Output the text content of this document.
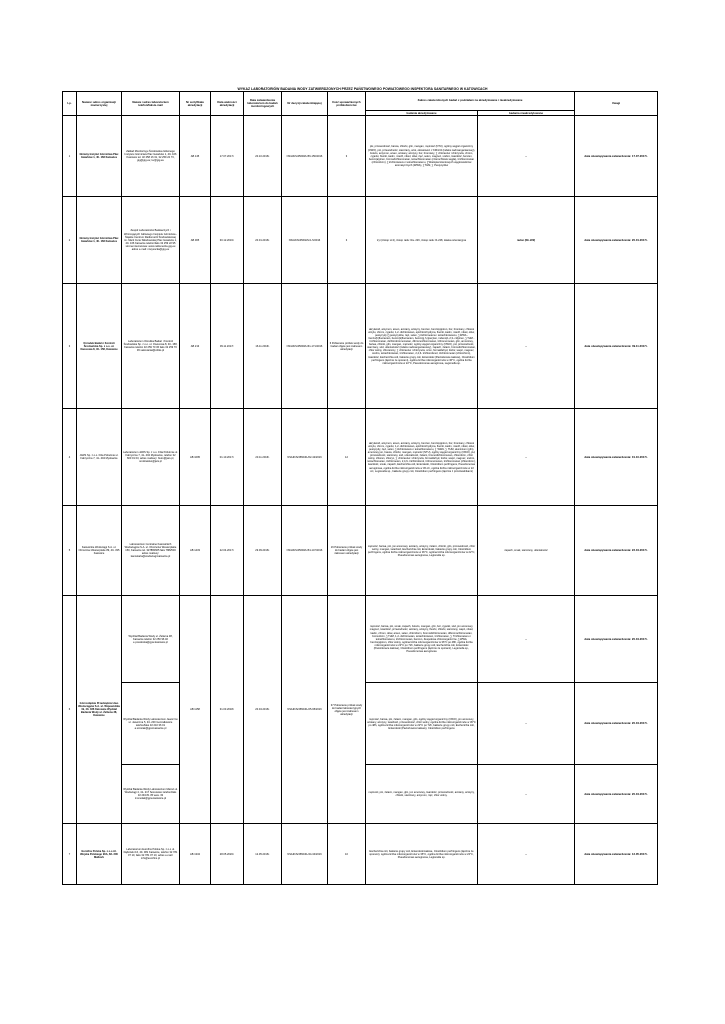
WYKAZ LABORATORIÓW BADANIA WODY ZATWIERDZONYCH PRZEZ PAŃSTWOWEGO POWIATOWEGO INSPEKTORA SANITARNEGO W KATOWICACH
Lp.	Nazwa i adres organizacji macierzystej	Nazwa i adres laboratorium telefon/faks/e-mail	Nr certyfikatu akredytacji	Data ważności akredytacji	Data zatwierdzenia laboratorium do badań monitoringowych	Nr decyzji zatwierdzającej	Ilość upoważnionych próbkobiorców	Zakres zatwierdzonych badań z podziałem na akredytowane i nieakredytowane		Uwagi
								badania akredytowane	badania nieakredytowane	
1	Główny Instytut Górnictwa Plac Gwarków 1, 40- 166 Katowice	Zakład Monitoringu Środowiska Głównego Instytutu Górnictwa Plac Gwarków 1, 40- 166 Katowice tel. 32 258 16 31, 32 259 22 73, gig@gig.eu; kv@gig.eu	AB 145	17.07.2017r.	20.10.2016r.	NS/HKiS/4560/ZL/56-156/2016	3	pH, przewodność, barwa, chlorki, glin, mangan, mętność (NTU), ogólny węgiel organiczny (OWO), pH, przewodność, siarczany, azot, ołowiowod. z KMnO4 (indeks nadmanganianowy), żelazo, antymon, arsen, azotany, azotyny, bor, bromiany, ∑ chloranów i chlorynów, chrom, cyjanki, fluorki, kadm, miedź, nikiel, ołów, rtęć, selen, magnez, srebro, twardość, benzen, benzo(a)piren, bromodichlorometan, tetrachlorometan (czterochlorek węgla), trichlorometan (chloroform), ∑trichloroetenu i tetrachloroetenu, ∑Wielopierścieniowych węglowodorów aromatycznych (WWA), ∑THM, ∑ Pestycydów	-	data obowiązywania zatwierdzenia: 17.07.2017r.
2	Główny Instytut Górnictwa Plac Gwarków 1, 40- 166 Katowice	Zespół Laboratoriów Badawczych i Wzorcujących Głównego Instytutu Górnictwa - Śląskie Centrum Radiometrii Środowiskowej im. Marii Curie Skłodowskiej Plac Gwarków 1, 40- 166 Katowice telefon/faks 32 259 22 95 strona internetowa: www.radiometria.gig.eu adres e-mail: mwysocka@gig.eu	AB 005	30.12.2016r.	20.01.2016r.	NS/HKiS/4560/ZL/1-5/2016	3	tryt (izotop H-3), izotop radu: Ra- 226, izotop radu: R-228, dawka orientacyjna	radon (Rn-222)	data obowiązywania zatwierdzenia: 20.01.2017r.
3	Ośrodek Badań i Kontroli Środowiska Sp. z o.o. ul. Owocowa 8, 40- 158, Katowice	Laboratorium Ośrodka Badań i Kontroli Środowiska Sp. z o.o. ul. Owocowa 8, 40- 158, Katowice telefon 32 259 70 36 faks 32 259 70 36 sekretariat@obiks.pl	AB 213	09.11.2017r.	16.11.2016r.	NS/HKiS/4560/ZL/61-171/2016	6 Pobieranie próbek wody do badań objęte jest zakresem akredytacji	akrylamid, antymon, arsen, azotany, azotyny, benzen, benzo(a)piren, bor, bromiany, chlorek winylu, chrom, cyjanki, 1,2- dichloroetan, epichlorohydryna, fluorki, kadm, miedź, nikiel, ołów, pestycydy (∑pestycydów, rtęć, selen, ∑trichloroetenu i tetrachloroetenu, ∑WWA - benzo(b)fluoranten, benzo(k)fluoranten, benzo(g,h,i)perylen, indeno(1,2,3- cd)piren, ∑THM - trichlorometan, dichlorobromometan, dibromochlorometan, tribromometan, glin, amoniowy, barwa, chlorki, glin, mangan, mętność, ogólny węgiel organiczny (OWO), pH, przewodność, siarczany, sód, utlenialność (indeks nadmanganianowy), zapach, żelazo, bromodichlorometan, chlor wolny, chloraminy, ∑ chloranów i chlorynów, ozon, formaldehyd, fosfor, wapń, magnez, srebro, tetrachloroetan, trichloroeten, 2,4,6- trichlorofenol, trichlorometan (chloroform), twardość, Escherichia coli, bakterie grupy coli, Enterokoki (Paciorkowce kałowe), Clostridium perfringens (łącznie ze sporami), ogólna liczba mikroorganizmów w 36°C, ogólna liczba mikroorganizmów w 22°C, Pseudomonas aeruginosa, Legionella sp.	-	data obowiązywania zatwierdzenia: 09.11.2017r.
4	JARS Sp. z o.o. Filia Pobulmie ul. Fabryczna 7, 41- 404 Mysłowice	Laboratorium JARS Sp. z o.o. Filia Pobulmie ul. Fabryczna 7, 41- 404 Mysłowice, telefon 32 600 01 03, adres mailowy: biuro@jars.pl, srodowisko@jars.pl	AB 1095	01.10.2017r.	23.11.2016r.	NS/HKiS/4560/ZL/62-42/2016	12	akrylamid, antymon, arsen, azotany, azotyny, benzen, benzo(a)piren, bor, bromiany, chlorek winylu, chrom, cyjanki, 1,2- dichloroetan, epichlorohydryna, fluorki, kadm, miedź, nikiel, ołów, pestycydy, rtęć, selen, ∑trichloroetenu i tetrachloroetenu, ∑ WWA, ∑ THM, aluminium (glin), amonowy jon, barwa, chlorki, mangan, mętność (NTU), ogólny węgiel organiczny (OWO), pH, przewodność, siarczany, sód, utlenialność, żelazo, bromodichlorometan, chloroform, chlor wolny, chloran, chloryn, ∑ chloranów i chlorynów, formaldehyd, fosfor, wapń, magnez, srebro, tetrachloroetan, trichloroeten, 2,4,6- trichlorofenol, tribromometan, trichlorometan (chloroform), twardość, smak, zapach, Escherichia coli, Enterokoki, Clostridium perfringens, Pseudomonas aeruginosa, ogólna liczba mikroorganizmów w 36 oC, ogólna liczba mikroorganizmów w 22 oC, Legionella sp., bakterie grupy coli, Clostridium perfringens (łącznie z przetrwalnikami)	-	data obowiązywania zatwierdzenia: 01.10.2017r.
5	Katowickie Wodociągi S.A. ul. Obrońców Westerplatte 89, 40- 335 Katowice	Laboratorium Centralne Katowickich Wodociągów S.A. ul. Obrońców Westerplatte 150, Katowice tel. 327882665 faks 7882503 adres mailowy: kancelaria@wodociagi.katowice.pl	AB 1433	22.04.2017r.	29.09.2016r.	NS/HKiS/4560/ZL/54-147/2016	16 Pobieranie próbek wody do badań objęte jest zakresem akredytacji	mętność, barwa, pH, jon amonowy, azotany, azotyny, żelazo, chlorki, glin, przewodność, chlor wolny, mangan, twardość, Escherichia coli, Enterokoki, bakterie grupy coli, Clostridium perfringens, ogólna liczba mikroorganizmów w 36°C, ogólna liczba mikroorganizmów w 22°C, Pseudomonas aeruginosa, Legionella sp.	zapach, smak, siarczany, utlenialność	data obowiązywania zatwierdzenia: 22.04.2017r.
6	Górnośląskie Przedsiębiorstwo Wodociągów S.A. ul. Wojewódzka 19, 40- 026 Katowice Wydział Badania Wody ul. Żeliwna 38, Katowice	Wydział Badania Wody ul. Żeliwna 38, Katowice telefon 32 250 96 40 e.prewlocka@gpw.katowice.pl	AB 1158	31.03.2018r.	20.04.2016r.	NS/HKiS/4560/ZL/25-95/2016	37 Pobieranie próbek wody do badań laboratoryjnych objęte jest zakresem akredytacji	mętność, barwa, pH, smak, zapach, żelazo, mangan, glin, bor, cyjanki, sód, jon amonowy, magnez, twardość, przewodność, azotany, azotyny, fluorki, chlorki, siarczany, wapń, nikiel, kadm, chrom, ołów, arsen, selen, chloroform, bromodichlorometan, dibromochlorometan, bromoform, ∑THM, 1,2- dichloroetan, tetrachloroeten, trichloroeten, ∑ Trichloroetenu i tetrachloroetenu, trichlorometan, benzen, Zespołowe chloroorganiczne, ∑WWA, benzo(a)piren, chlor wolny, ogólna liczba mikroorganizmów w 36°C po 48h, ogólna liczba mikroorganizmów w 22°C po 72h, bakterie grupy coli, Escherichia coli, Enterokoki (Paciorkowce kałowe), Clostridium perfringens (łącznie ze sporami), Legionella sp., Pseudomonas aeruginosa	-	data obowiązywania zatwierdzenia: 20.04.2017r.
		Wydział Badania Wody Laboratorium Jaworzno ul. Jaworzna 5, 43- 200 Goczałkowice telefon/faks 32 210 36 01 a.szostak@gpw.katowice.pl						mętność, barwa, pH, żelazo, mangan, glin, ogólny węgiel organiczny (OWO), jon amonowy, azotany, azotyny, twardość, przewodność, chlor wolny, ogólna liczba mikroorganizmów w 36°C po 48h, ogólna liczba mikroorganizmów w 22°C po 72h, bakterie grupy coli, Escherichia coli, Enterokoki (Paciorkowce kałowe), Clostridium perfringens	-	data obowiązywania zatwierdzenia: 20.04.2017r.
		Wydział Badania Wody Laboratorium Mazań ul. Wodociągi 4, 41- 217 Sosnowiec telefon/faks 32 294 81 35 wew. 33 d.smolak@gpw.katowice.pl						mętność, pH, żelazo, mangan, glin, jon amonowy, twardość, przewodność, azotany, azotyny, chlorki, siarczany, antymon, rtęć, chlor wolny.	-	data obowiązywania zatwierdzenia: 20.04.2017r.
7	Eurofins Polska Sp. z o.o Al. Wojska Polskiego 90A, 82- 200 Malbork	Laboratorium Eurofins Polska Sp. z o.o ul. Dąbrówki 16, 40- 081 Katowice, telefon 32 781 07 10, faks 32 781 07 10, adres e-mail: info@eurofins.pl	AB 1334	28.05.2020r.	12.05.2016r.	NS/HKiS/4560/ZL/44-34/2016	10	Escherichia coli, bakterie grupy coli, Enterokoki kałowe, Clostridium perfringens (łącznie ze sporami), ogólna liczba mikroorganizmów w 36°C, ogólna liczba mikroorganizmów w 22°C, Pseudomonas aeruginosa, Legionella sp.	-	data obowiązywania zatwierdzenia: 12.05.2017r.
